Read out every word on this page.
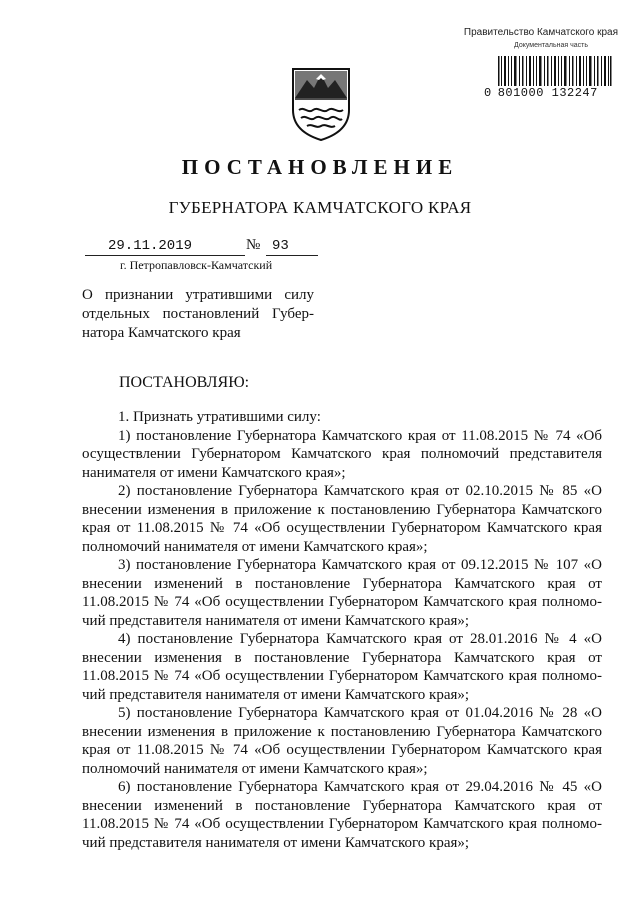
Правительство Камчатского края
Документальная часть
0 801000 132247
ПОСТАНОВЛЕНИЕ
ГУБЕРНАТОРА КАМЧАТСКОГО КРАЯ
29.11.2019	№ 93
г. Петропавловск-Камчатский
О признании утратившими силу
отдельных постановлений Губер-
натора Камчатского края
ПОСТАНОВЛЯЮ:
1. Признать утратившими силу:
1) постановление Губернатора Камчатского края от 11.08.2015 № 74 «Об
осуществлении Губернатором Камчатского края полномочий представителя
нанимателя от имени Камчатского края»;
2) постановление Губернатора Камчатского края от 02.10.2015 № 85 «О
внесении изменения в приложение к постановлению Губернатора Камчатского
края от 11.08.2015 № 74 «Об осуществлении Губернатором Камчатского края
полномочий нанимателя от имени Камчатского края»;
3) постановление Губернатора Камчатского края от 09.12.2015 № 107 «О
внесении изменений в постановление Губернатора Камчатского края от
11.08.2015 № 74 «Об осуществлении Губернатором Камчатского края полномо-
чий представителя нанимателя от имени Камчатского края»;
4) постановление Губернатора Камчатского края от 28.01.2016 № 4 «О
внесении изменения в постановление Губернатора Камчатского края от
11.08.2015 № 74 «Об осуществлении Губернатором Камчатского края полномо-
чий представителя нанимателя от имени Камчатского края»;
5) постановление Губернатора Камчатского края от 01.04.2016 № 28 «О
внесении изменения в приложение к постановлению Губернатора Камчатского
края от 11.08.2015 № 74 «Об осуществлении Губернатором Камчатского края
полномочий нанимателя от имени Камчатского края»;
6) постановление Губернатора Камчатского края от 29.04.2016 № 45 «О
внесении изменений в постановление Губернатора Камчатского края от
11.08.2015 № 74 «Об осуществлении Губернатором Камчатского края полномо-
чий представителя нанимателя от имени Камчатского края»;
